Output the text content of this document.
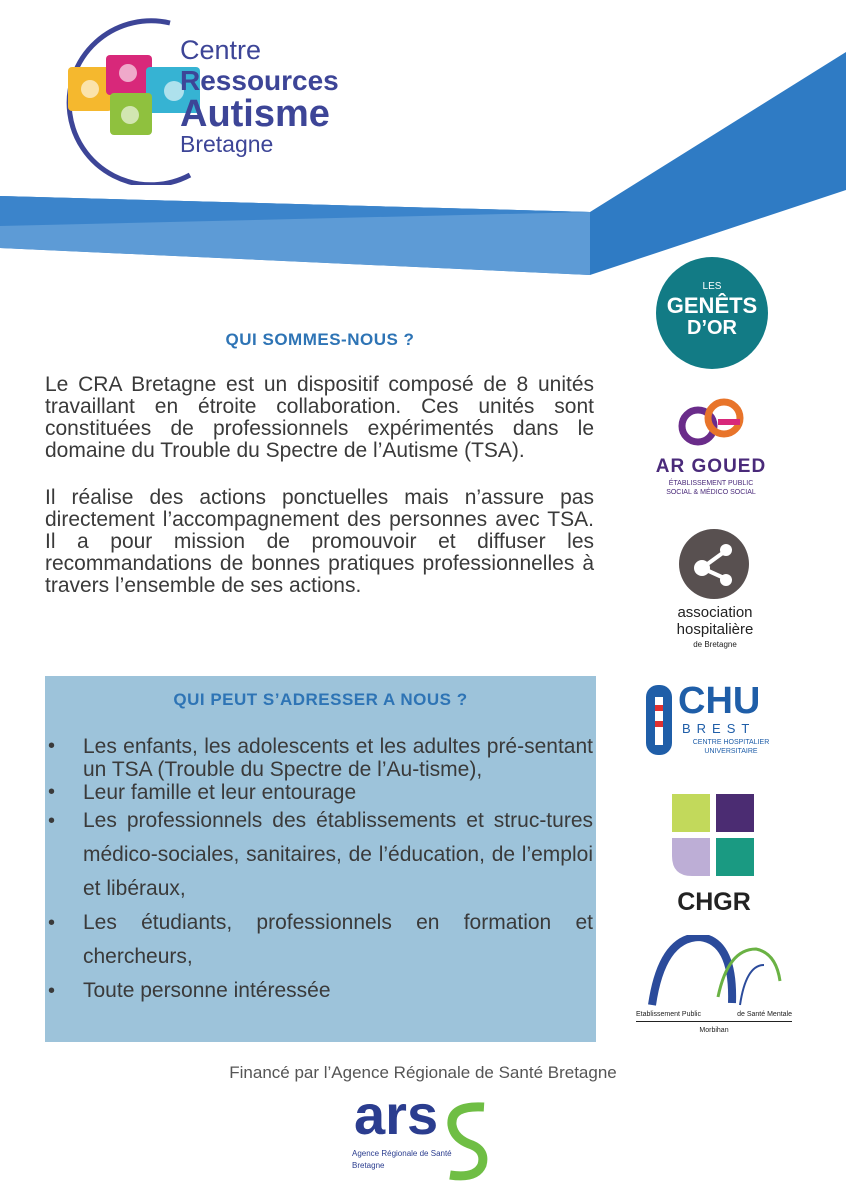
Centre
Ressources
Autisme
Bretagne
QUI SOMMES-NOUS ?
Le CRA Bretagne est un dispositif composé de 8 unités travaillant en étroite collaboration. Ces unités sont constituées de professionnels expérimentés dans le domaine du Trouble du Spectre de l’Autisme (TSA).
Il réalise des actions ponctuelles mais n’assure pas directement l’accompagnement des personnes avec TSA. Il a pour mission de promouvoir et diffuser les recommandations de bonnes pratiques professionnelles à travers l’ensemble de ses actions.
QUI PEUT S’ADRESSER A NOUS ?
• Les enfants, les adolescents et les adultes pré-sentant un TSA (Trouble du Spectre de l’Au-tisme),
• Leur famille et leur entourage
• Les professionnels des établissements et struc-tures médico-sociales, sanitaires, de l’éducation, de l’emploi et libéraux,
• Les étudiants, professionnels en formation et chercheurs,
• Toute personne intéressée
LES
GENÊTS
D’OR
AR GOUED
ÉTABLISSEMENT PUBLIC
SOCIAL & MÉDICO SOCIAL
association
hospitalière
de Bretagne
CHU
BREST
CENTRE HOSPITALIER
UNIVERSITAIRE
CHGR
Etablissement Public	de Santé Mentale
Morbihan
Financé par l’Agence Régionale de Santé Bretagne
ars
Agence Régionale de Santé
Bretagne
